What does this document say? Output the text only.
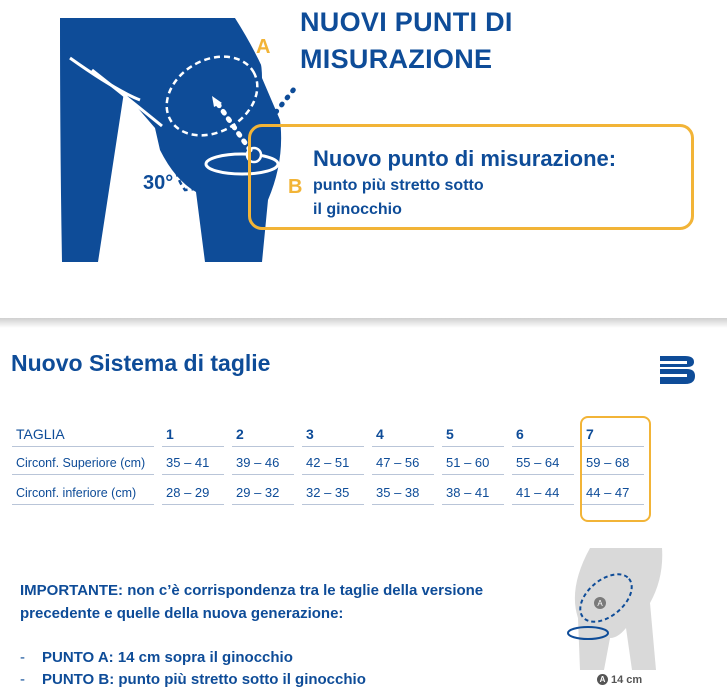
NUOVI PUNTI DI
MISURAZIONE
A
B
30°
Nuovo punto di misurazione:
punto più stretto sotto
il ginocchio
Nuovo Sistema di taglie
TAGLIA	1	2	3	4	5	6	7

Circonf. Superiore (cm)	35 – 41	39 – 46	42 – 51	47 – 56	51 – 60	55 – 64	59 – 68

Circonf. inferiore (cm)	28 – 29	29 – 32	32 – 35	35 – 38	38 – 41	41 – 44	44 – 47
IMPORTANTE: non c’è corrispondenza tra le taglie della versione
precedente e quelle della nuova generazione:
- PUNTO A: 14 cm sopra il ginocchio
- PUNTO B: punto più stretto sotto il ginocchio
A
A 14 cm
